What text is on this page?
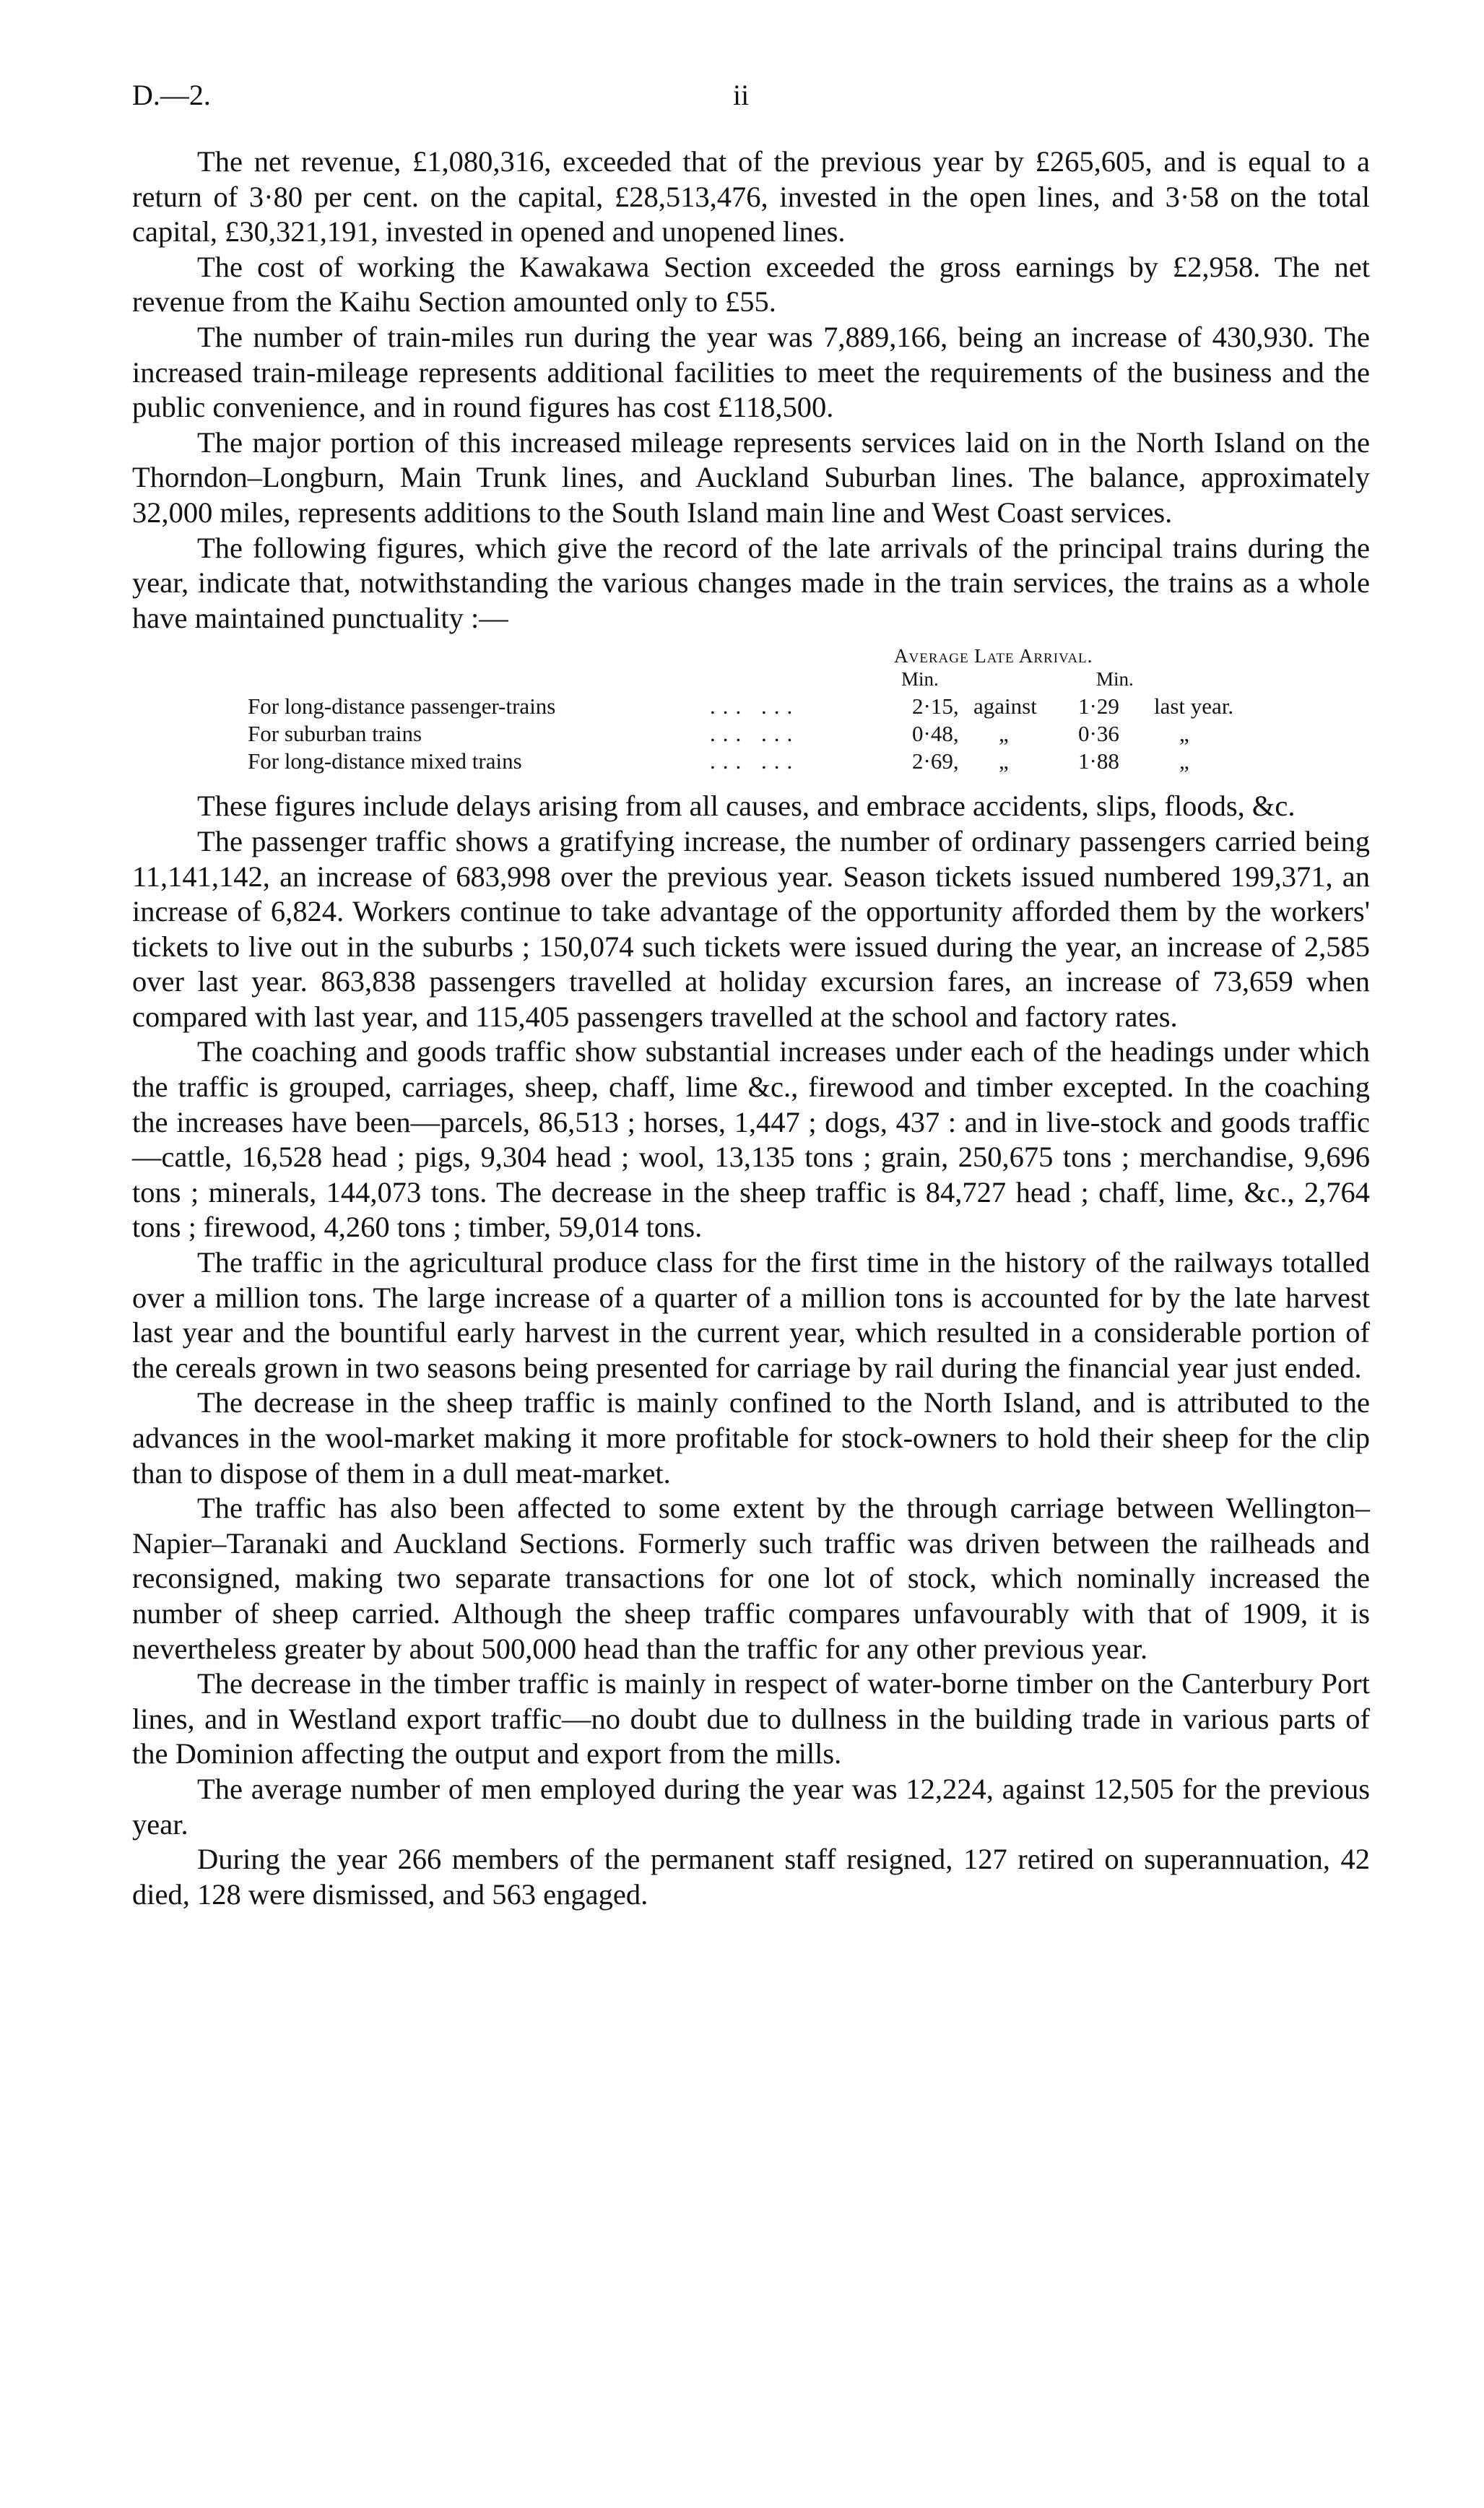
D.—2.	ii

The net revenue, £1,080,316, exceeded that of the previous year by £265,605, and is equal to a return of 3·80 per cent. on the capital, £28,513,476, invested in the open lines, and 3·58 on the total capital, £30,321,191, invested in opened and unopened lines.

The cost of working the Kawakawa Section exceeded the gross earnings by £2,958. The net revenue from the Kaihu Section amounted only to £55.

The number of train-miles run during the year was 7,889,166, being an increase of 430,930. The increased train-mileage represents additional facilities to meet the requirements of the business and the public convenience, and in round figures has cost £118,500.

The major portion of this increased mileage represents services laid on in the North Island on the Thorndon–Longburn, Main Trunk lines, and Auckland Suburban lines. The balance, approximately 32,000 miles, represents additions to the South Island main line and West Coast services.

The following figures, which give the record of the late arrivals of the principal trains during the year, indicate that, notwithstanding the various changes made in the train services, the trains as a whole have maintained punctuality :—

Average Late Arrival.
Min.	Min.
For long-distance passenger-trains	... ...	2·15, against 1·29 last year.
For suburban trains	... ...	0·48, „	0·36	„
For long-distance mixed trains	... ...	2·69, „	1·88	„

These figures include delays arising from all causes, and embrace accidents, slips, floods, &c.

The passenger traffic shows a gratifying increase, the number of ordinary passengers carried being 11,141,142, an increase of 683,998 over the previous year. Season tickets issued numbered 199,371, an increase of 6,824. Workers continue to take advantage of the opportunity afforded them by the workers' tickets to live out in the suburbs ; 150,074 such tickets were issued during the year, an increase of 2,585 over last year. 863,838 passengers travelled at holiday excursion fares, an increase of 73,659 when compared with last year, and 115,405 passengers travelled at the school and factory rates.

The coaching and goods traffic show substantial increases under each of the headings under which the traffic is grouped, carriages, sheep, chaff, lime &c., firewood and timber excepted. In the coaching the increases have been—parcels, 86,513 ; horses, 1,447 ; dogs, 437 : and in live-stock and goods traffic—cattle, 16,528 head ; pigs, 9,304 head ; wool, 13,135 tons ; grain, 250,675 tons ; merchandise, 9,696 tons ; minerals, 144,073 tons. The decrease in the sheep traffic is 84,727 head ; chaff, lime, &c., 2,764 tons ; firewood, 4,260 tons ; timber, 59,014 tons.

The traffic in the agricultural produce class for the first time in the history of the railways totalled over a million tons. The large increase of a quarter of a million tons is accounted for by the late harvest last year and the bountiful early harvest in the current year, which resulted in a considerable portion of the cereals grown in two seasons being presented for carriage by rail during the financial year just ended.

The decrease in the sheep traffic is mainly confined to the North Island, and is attributed to the advances in the wool-market making it more profitable for stock-owners to hold their sheep for the clip than to dispose of them in a dull meat-market.

The traffic has also been affected to some extent by the through carriage between Wellington–Napier–Taranaki and Auckland Sections. Formerly such traffic was driven between the railheads and reconsigned, making two separate transactions for one lot of stock, which nominally increased the number of sheep carried. Although the sheep traffic compares unfavourably with that of 1909, it is nevertheless greater by about 500,000 head than the traffic for any other previous year.

The decrease in the timber traffic is mainly in respect of water-borne timber on the Canterbury Port lines, and in Westland export traffic—no doubt due to dullness in the building trade in various parts of the Dominion affecting the output and export from the mills.

The average number of men employed during the year was 12,224, against 12,505 for the previous year.

During the year 266 members of the permanent staff resigned, 127 retired on superannuation, 42 died, 128 were dismissed, and 563 engaged.
